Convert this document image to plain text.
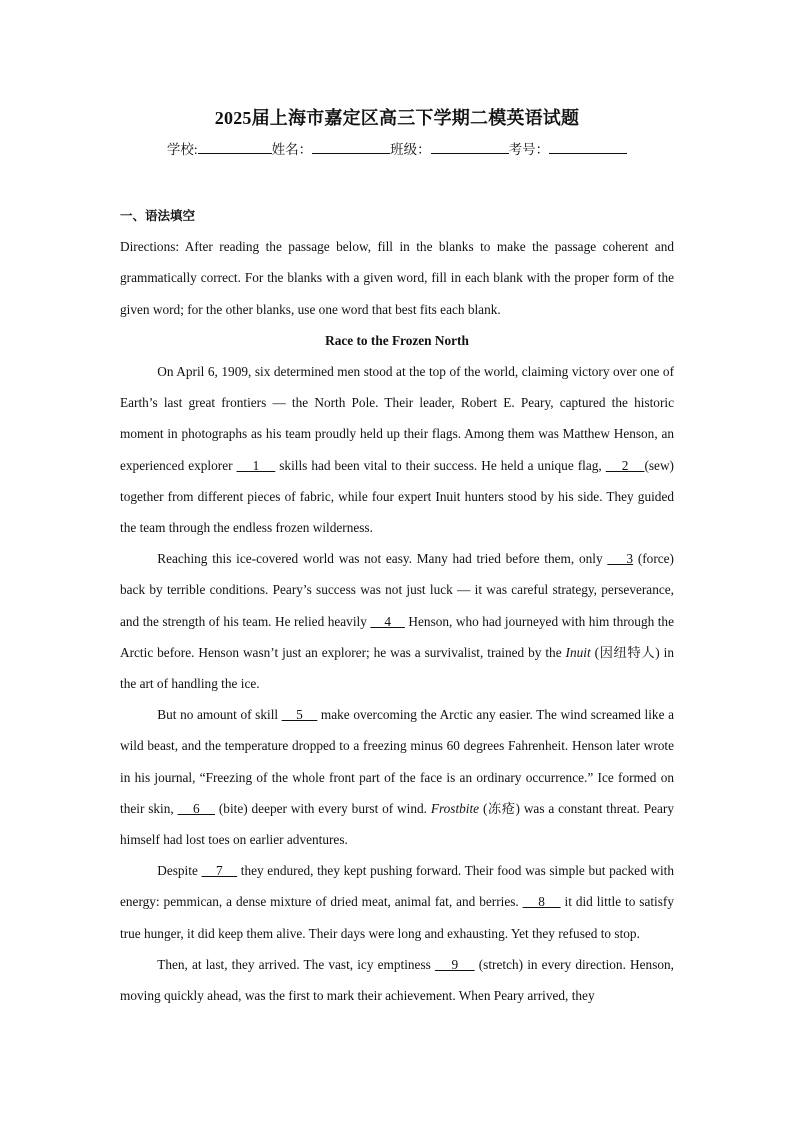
2025届上海市嘉定区高三下学期二模英语试题
学校:	姓名：	班级：	考号：
一、语法填空
Directions: After reading the passage below, fill in the blanks to make the passage coherent and grammatically correct. For the blanks with a given word, fill in each blank with the proper form of the given word; for the other blanks, use one word that best fits each blank.
Race to the Frozen North
On April 6, 1909, six determined men stood at the top of the world, claiming victory over one of Earth’s last great frontiers — the North Pole. Their leader, Robert E. Peary, captured the historic moment in photographs as his team proudly held up their flags. Among them was Matthew Henson, an experienced explorer     1     skills had been vital to their success. He held a unique flag,     2    (sew) together from different pieces of fabric, while four expert Inuit hunters stood by his side. They guided the team through the endless frozen wilderness.
Reaching this ice-covered world was not easy. Many had tried before them, only     3 (force) back by terrible conditions. Peary’s success was not just luck — it was careful strategy, perseverance, and the strength of his team. He relied heavily     4     Henson, who had journeyed with him through the Arctic before. Henson wasn’t just an explorer; he was a survivalist, trained by the Inuit (因纽特人) in the art of handling the ice.
But no amount of skill     5     make overcoming the Arctic any easier. The wind screamed like a wild beast, and the temperature dropped to a freezing minus 60 degrees Fahrenheit. Henson later wrote in his journal, “Freezing of the whole front part of the face is an ordinary occurrence.” Ice formed on their skin,     6     (bite) deeper with every burst of wind. Frostbite (冻疮) was a constant threat. Peary himself had lost toes on earlier adventures.
Despite     7     they endured, they kept pushing forward. Their food was simple but packed with energy: pemmican, a dense mixture of dried meat, animal fat, and berries.     8     it did little to satisfy true hunger, it did keep them alive. Their days were long and exhausting. Yet they refused to stop.
Then, at last, they arrived. The vast, icy emptiness     9     (stretch) in every direction. Henson, moving quickly ahead, was the first to mark their achievement. When Peary arrived, they
